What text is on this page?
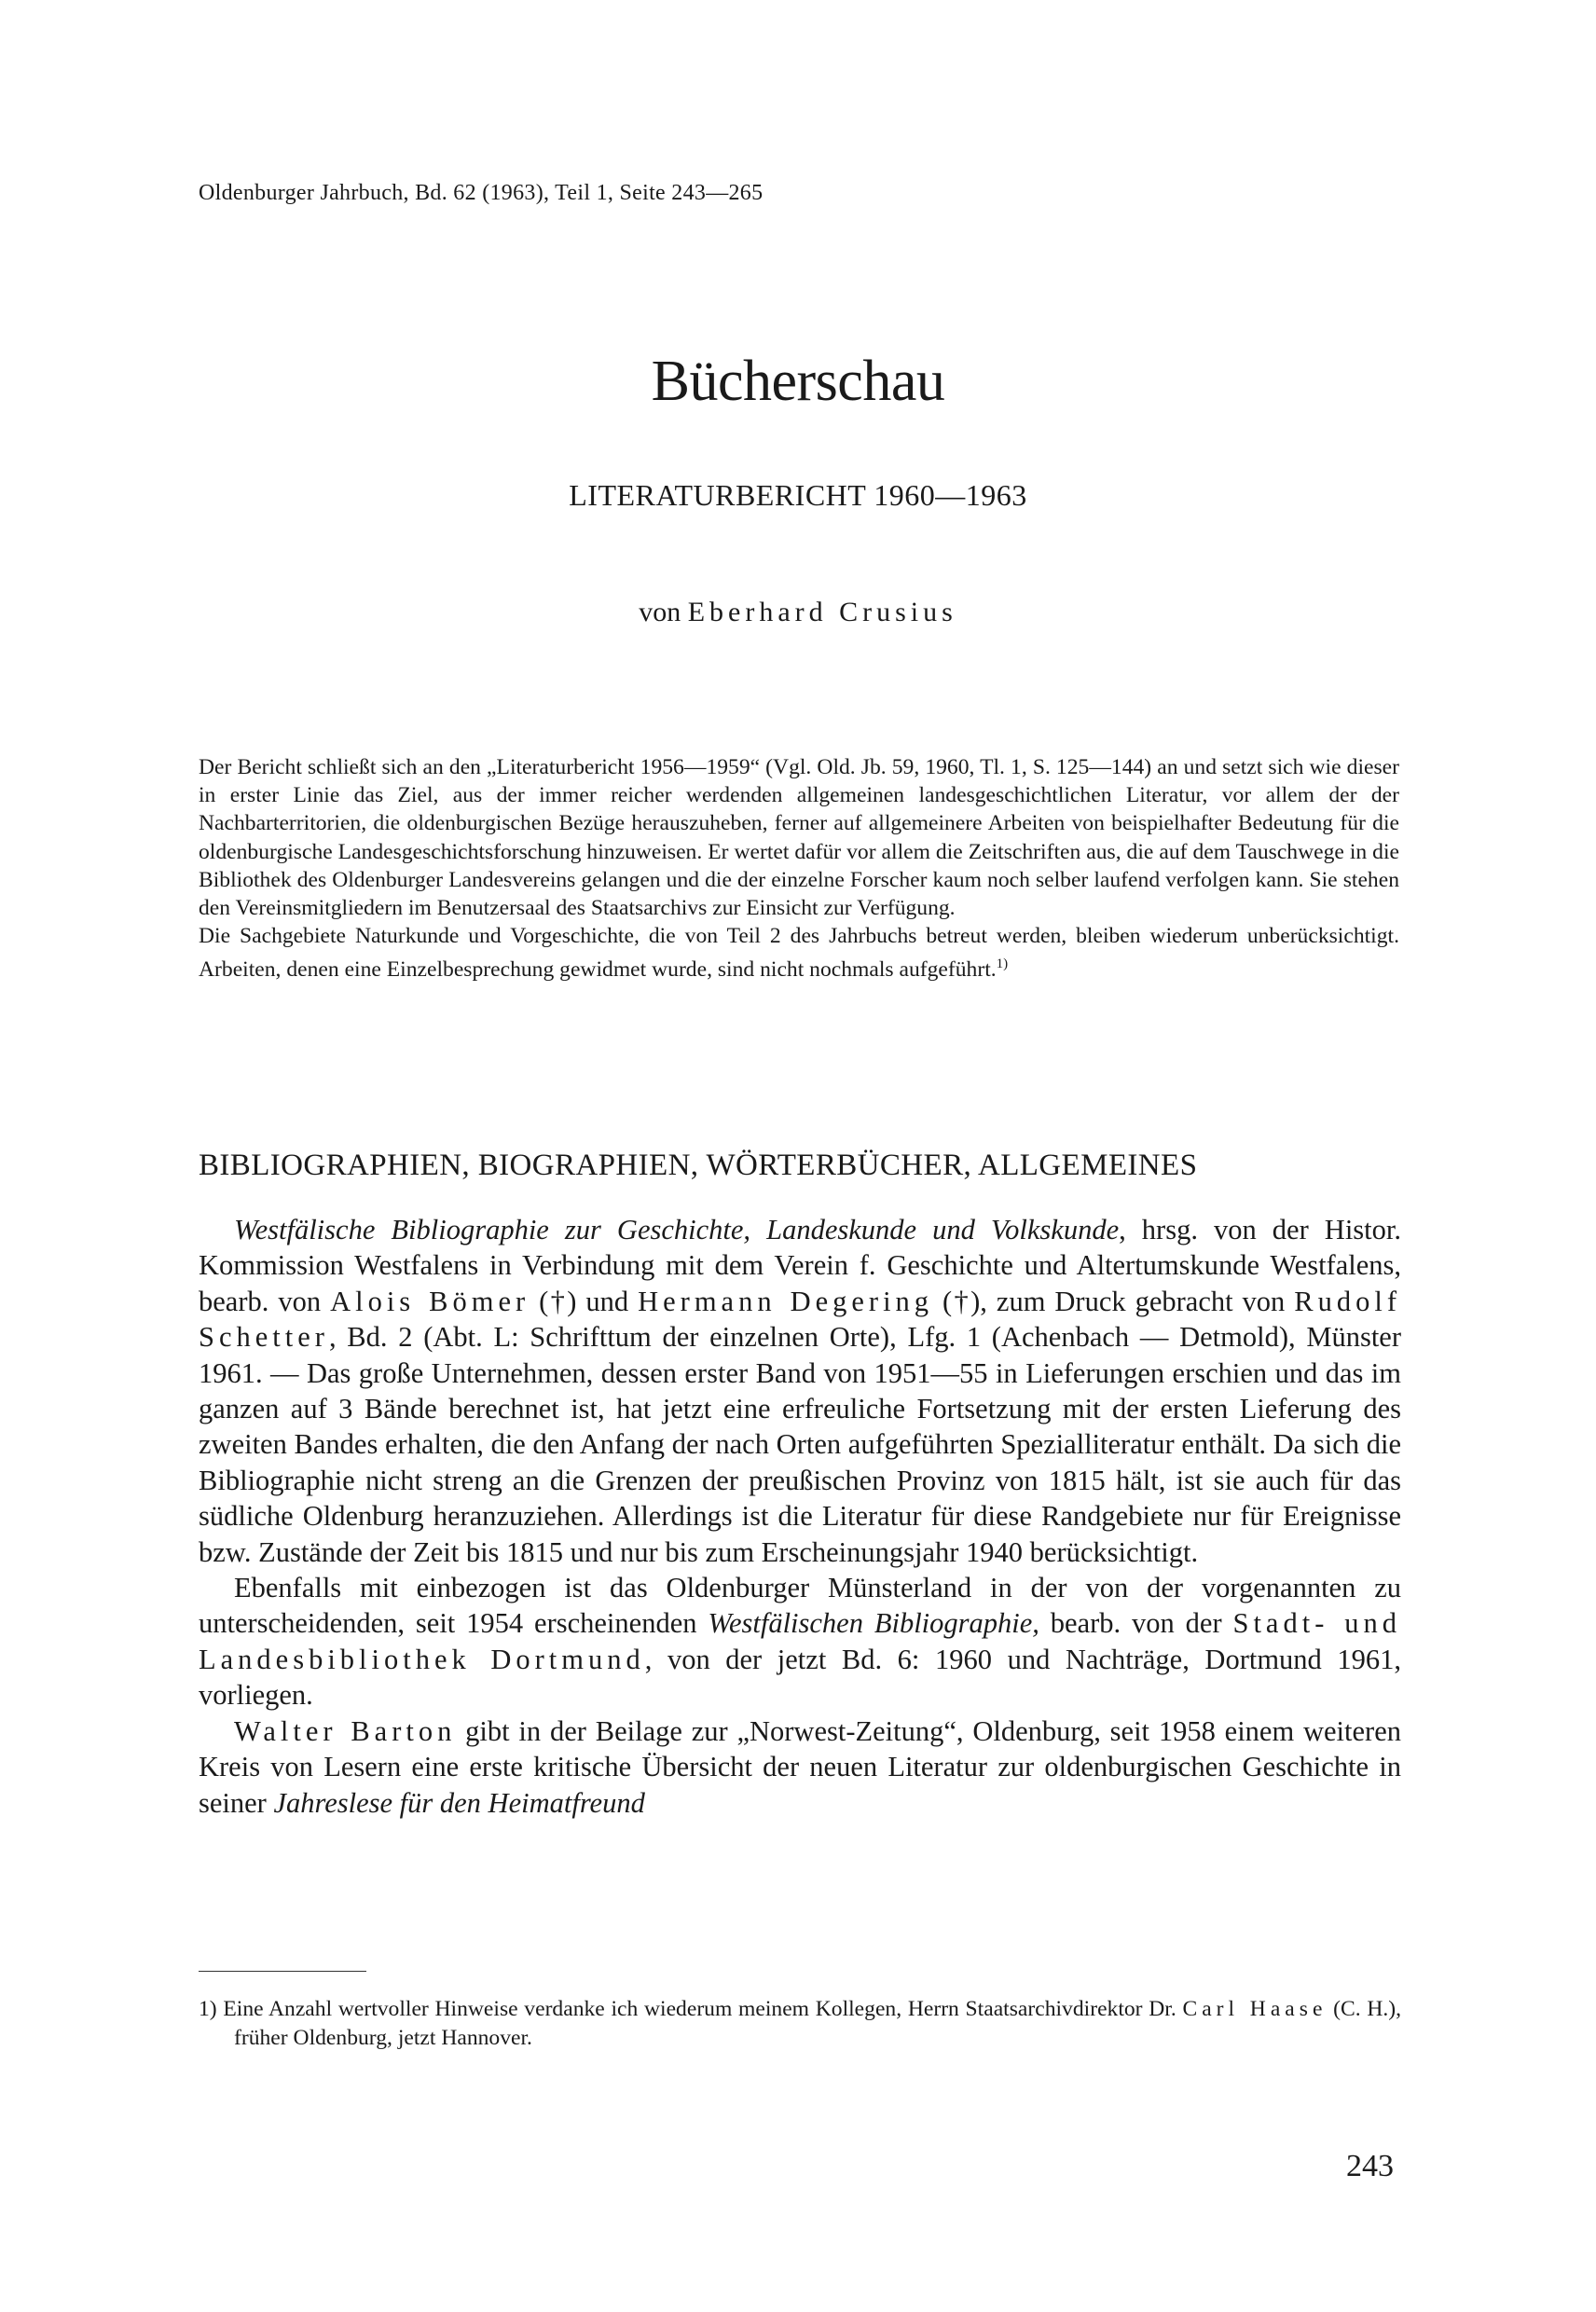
Oldenburger Jahrbuch, Bd. 62 (1963), Teil 1, Seite 243—265
Bücherschau
LITERATURBERICHT 1960—1963
von Eberhard Crusius

Der Bericht schließt sich an den „Literaturbericht 1956—1959“ (Vgl. Old. Jb. 59, 1960, Tl. 1, S. 125—144) an und setzt sich wie dieser in erster Linie das Ziel, aus der immer reicher werdenden allgemeinen landesgeschichtlichen Literatur, vor allem der der Nachbarterritorien, die oldenburgischen Bezüge herauszuheben, ferner auf allgemeinere Arbeiten von beispielhafter Bedeutung für die oldenburgische Landesgeschichtsforschung hinzuweisen. Er wertet dafür vor allem die Zeitschriften aus, die auf dem Tauschwege in die Bibliothek des Oldenburger Landesvereins gelangen und die der einzelne Forscher kaum noch selber laufend verfolgen kann. Sie stehen den Vereinsmitgliedern im Benutzersaal des Staatsarchivs zur Einsicht zur Verfügung.

Die Sachgebiete Naturkunde und Vorgeschichte, die von Teil 2 des Jahrbuchs betreut werden, bleiben wiederum unberücksichtigt. Arbeiten, denen eine Einzelbesprechung gewidmet wurde, sind nicht nochmals aufgeführt.$^{1)}$

BIBLIOGRAPHIEN, BIOGRAPHIEN, WÖRTERBÜCHER, ALLGEMEINES

Westfälische Bibliographie zur Geschichte, Landeskunde und Volkskunde, hrsg. von der Histor. Kommission Westfalens in Verbindung mit dem Verein f. Geschichte und Altertumskunde Westfalens, bearb. von Alois Bömer (†) und Hermann Degering (†), zum Druck gebracht von Rudolf Schetter, Bd. 2 (Abt. L: Schrifttum der einzelnen Orte), Lfg. 1 (Achenbach — Detmold), Münster 1961. — Das große Unternehmen, dessen erster Band von 1951—55 in Lieferungen erschien und das im ganzen auf 3 Bände berechnet ist, hat jetzt eine erfreuliche Fortsetzung mit der ersten Lieferung des zweiten Bandes erhalten, die den Anfang der nach Orten aufgeführten Spezialliteratur enthält. Da sich die Bibliographie nicht streng an die Grenzen der preußischen Provinz von 1815 hält, ist sie auch für das südliche Oldenburg heranzuziehen. Allerdings ist die Literatur für diese Randgebiete nur für Ereignisse bzw. Zustände der Zeit bis 1815 und nur bis zum Erscheinungsjahr 1940 berücksichtigt.

Ebenfalls mit einbezogen ist das Oldenburger Münsterland in der von der vorgenannten zu unterscheidenden, seit 1954 erscheinenden Westfälischen Bibliographie, bearb. von der Stadt- und Landesbibliothek Dortmund, von der jetzt Bd. 6: 1960 und Nachträge, Dortmund 1961, vorliegen.

Walter Barton gibt in der Beilage zur „Norwest-Zeitung“, Oldenburg, seit 1958 einem weiteren Kreis von Lesern eine erste kritische Übersicht der neuen Literatur zur oldenburgischen Geschichte in seiner Jahreslese für den Heimatfreund

1) Eine Anzahl wertvoller Hinweise verdanke ich wiederum meinem Kollegen, Herrn Staatsarchivdirektor Dr. Carl Haase (C. H.), früher Oldenburg, jetzt Hannover.
243
